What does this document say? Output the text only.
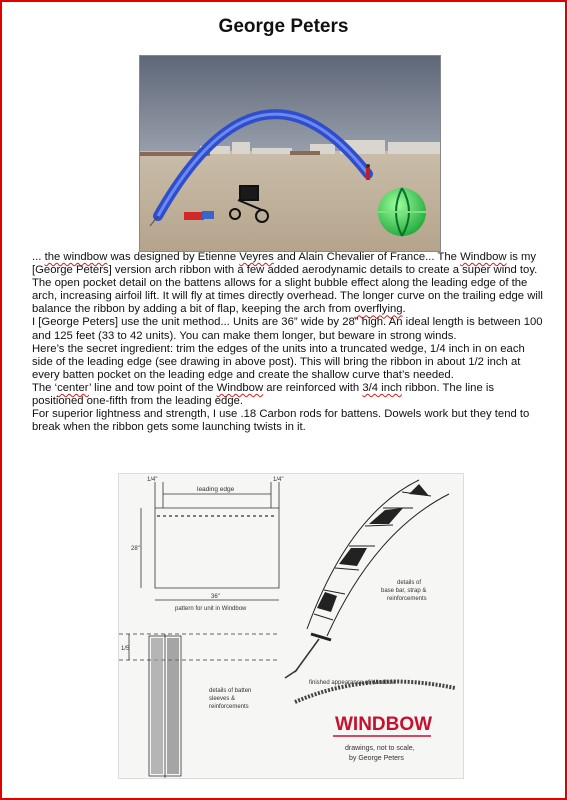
George Peters

... the windbow was designed by Etienne Veyres and Alain Chevalier of France... The Windbow is my [George Peters] version arch ribbon with a few added aerodynamic details to create a super wind toy. The open pocket detail on the battens allows for a slight bubble effect along the leading edge of the arch, increasing airfoil lift. It will fly at times directly overhead. The longer curve on the trailing edge will balance the ribbon by adding a bit of flap, keeping the arch from overflying.

I [George Peters] use the unit method... Units are 36” wide by 28” high. An ideal length is between 100 and 125 feet (33 to 42 units). You can make them longer, but beware in strong winds.

Here’s the secret ingredient: trim the edges of the units into a truncated wedge, 1/4 inch in on each side of the leading edge (see drawing in above post). This will bring the ribbon in about 1/2 inch at every batten pocket on the leading edge and create the shallow curve that’s needed.

The ‘center’ line and tow point of the Windbow are reinforced with 3/4 inch ribbon. The line is positioned one-fifth from the leading edge.

For superior lightness and strength, I use .18 Carbon rods for battens. Dowels work but they tend to break when the ribbon gets some launching twists in it.

1/4"	1/4"
leading edge
28"
36"
pattern for unit in Windbow
details of
base bar, strap &
reinforcements
1/5
details of batten
sleeves &
reinforcements
finished appearance of Windbow
WINDBOW
drawings, not to scale,
by George Peters
